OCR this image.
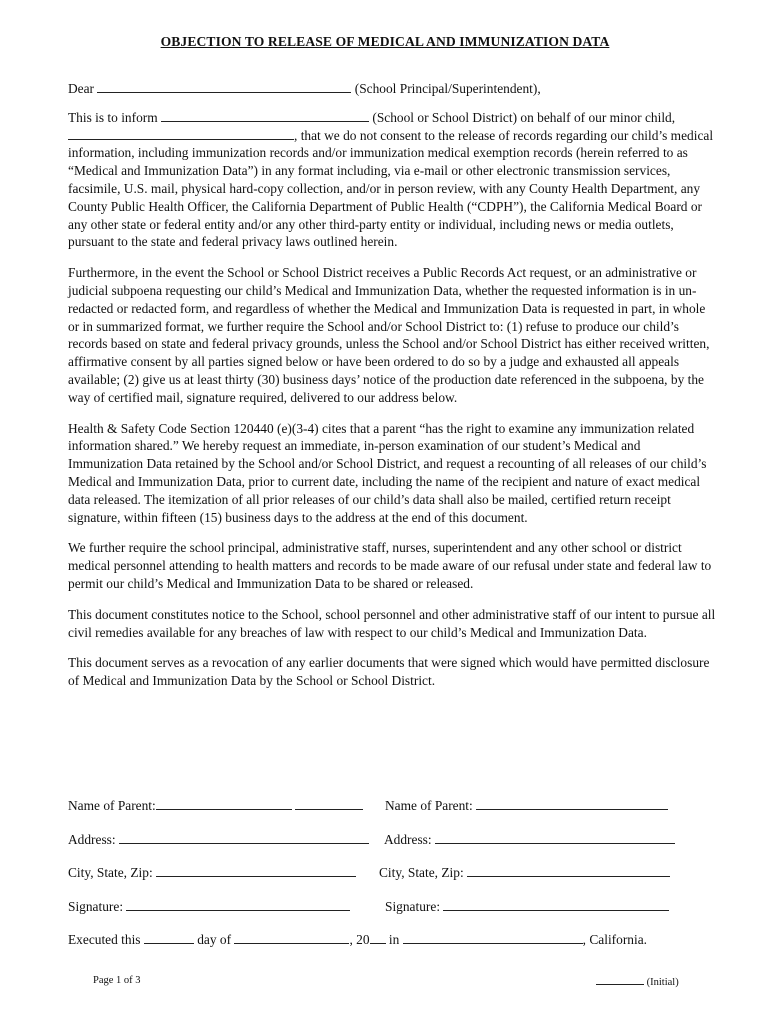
OBJECTION TO RELEASE OF MEDICAL AND IMMUNIZATION DATA

Dear	(School Principal/Superintendent),

This is to inform	(School or School District) on behalf of our minor child, , that we do not consent to the release of records regarding our child’s medical information, including immunization records and/or immunization medical exemption records (herein referred to as “Medical and Immunization Data”) in any format including, via e-mail or other electronic transmission services, facsimile, U.S. mail, physical hard-copy collection, and/or in person review, with any County Health Department, any County Public Health Officer, the California Department of Public Health (“CDPH”), the California Medical Board or any other state or federal entity and/or any other third-party entity or individual, including news or media outlets, pursuant to the state and federal privacy laws outlined herein.

Furthermore, in the event the School or School District receives a Public Records Act request, or an administrative or judicial subpoena requesting our child’s Medical and Immunization Data, whether the requested information is in un-redacted or redacted form, and regardless of whether the Medical and Immunization Data is requested in part, in whole or in summarized format, we further require the School and/or School District to: (1) refuse to produce our child’s records based on state and federal privacy grounds, unless the School and/or School District has either received written, affirmative consent by all parties signed below or have been ordered to do so by a judge and exhausted all appeals available; (2) give us at least thirty (30) business days’ notice of the production date referenced in the subpoena, by the way of certified mail, signature required, delivered to our address below.

Health & Safety Code Section 120440 (e)(3-4) cites that a parent “has the right to examine any immunization related information shared.” We hereby request an immediate, in-person examination of our student’s Medical and Immunization Data retained by the School and/or School District, and request a recounting of all releases of our child’s Medical and Immunization Data, prior to current date, including the name of the recipient and nature of exact medical data released. The itemization of all prior releases of our child’s data shall also be mailed, certified return receipt signature, within fifteen (15) business days to the address at the end of this document.

We further require the school principal, administrative staff, nurses, superintendent and any other school or district medical personnel attending to health matters and records to be made aware of our refusal under state and federal law to permit our child’s Medical and Immunization Data to be shared or released.

This document constitutes notice to the School, school personnel and other administrative staff of our intent to pursue all civil remedies available for any breaches of law with respect to our child’s Medical and Immunization Data.

This document serves as a revocation of any earlier documents that were signed which would have permitted disclosure of Medical and Immunization Data by the School or School District.

Name of Parent:	Name of Parent:
Address:	Address:
City, State, Zip:	City, State, Zip:
Signature:	Signature:
Executed this	day of	, 20 in	, California.
Page 1 of 3	(Initial)
